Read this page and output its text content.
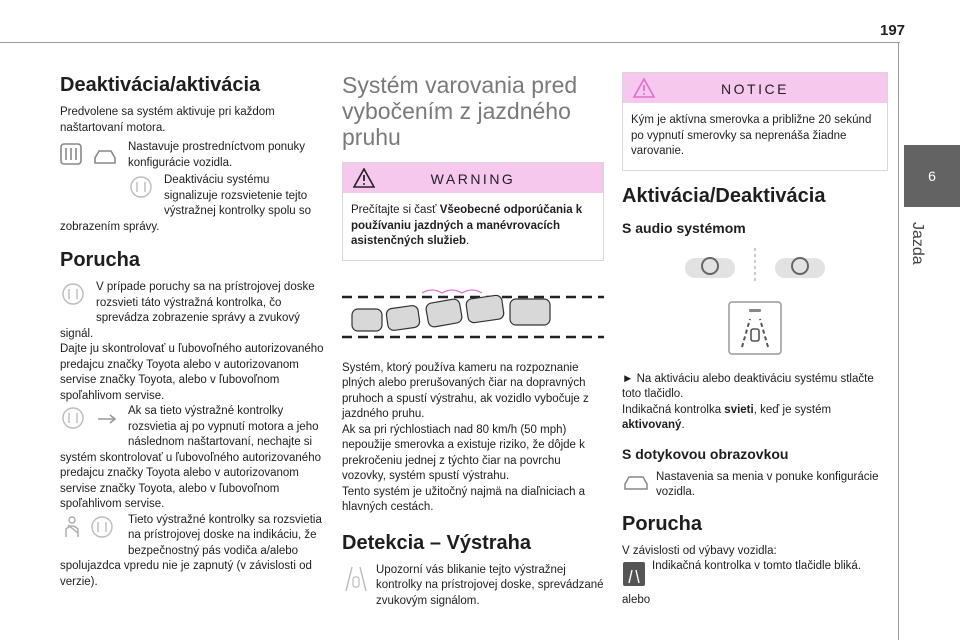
197
6
Jazda
Deaktivácia/aktivácia

Predvolene sa systém aktivuje pri každom naštartovaní motora.

Nastavuje prostredníctvom ponuky konfigurácie vozidla.
Deaktiváciu systému signalizuje rozsvietenie tejto výstražnej kontrolky spolu so zobrazením správy.
Porucha
V prípade poruchy sa na prístrojovej doske rozsvieti táto výstražná kontrolka, čo sprevádza zobrazenie správy a zvukový signál.

Dajte ju skontrolovať u ľubovoľného autorizovaného predajcu značky Toyota alebo v autorizovanom servise značky Toyota, alebo v ľubovoľnom spoľahlivom servise.

Ak sa tieto výstražné kontrolky rozsvietia aj po vypnutí motora a jeho následnom naštartovaní, nechajte si systém skontrolovať u ľubovoľného autorizovaného predajcu značky Toyota alebo v autorizovanom servise značky Toyota, alebo v ľubovoľnom spoľahlivom servise.
Tieto výstražné kontrolky sa rozsvietia na prístrojovej doske na indikáciu, že bezpečnostný pás vodiča a/alebo spolujazdca vpredu nie je zapnutý (v závislosti od verzie).
Systém varovania pred vybočením z jazdného pruhu
WARNING
Prečítajte si časť Všeobecné odporúčania k používaniu jazdných a manévrovacích asistenčných služieb.

Systém, ktorý používa kameru na rozpoznanie plných alebo prerušovaných čiar na dopravných pruhoch a spustí výstrahu, ak vozidlo vybočuje z jazdného pruhu.

Ak sa pri rýchlostiach nad 80 km/h (50 mph) nepoužije smerovka a existuje riziko, že dôjde k prekročeniu jednej z týchto čiar na povrchu vozovky, systém spustí výstrahu.

Tento systém je užitočný najmä na diaľniciach a hlavných cestách.

Detekcia – Výstraha
Upozorní vás blikanie tejto výstražnej kontrolky na prístrojovej doske, sprevádzané zvukovým signálom.
NOTICE
Kým je aktívna smerovka a približne 20 sekúnd po vypnutí smerovky sa neprenáša žiadne varovanie.
Aktivácia/Deaktivácia
S audio systémom

► Na aktiváciu alebo deaktiváciu systému stlačte toto tlačidlo.

Indikačná kontrolka svieti, keď je systém aktivovaný.

S dotykovou obrazovkou
Nastavenia sa menia v ponuke konfigurácie vozidla.
Porucha

V závislosti od výbavy vozidla:

Indikačná kontrolka v tomto tlačidle bliká.

alebo
